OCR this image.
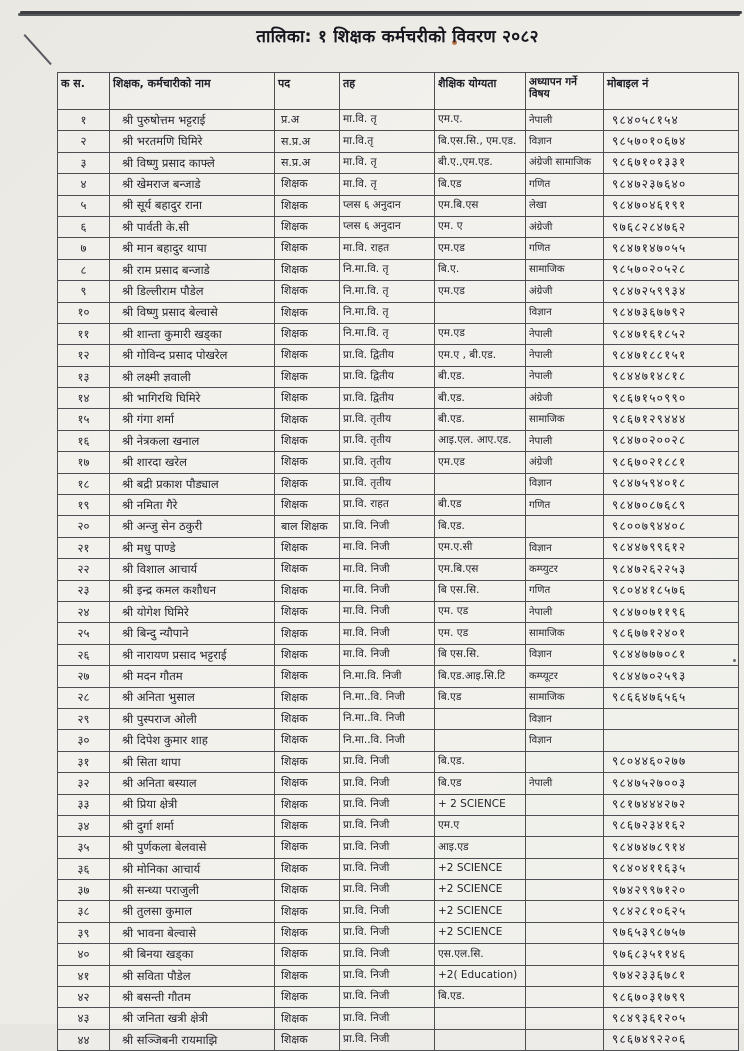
तालिका: १ शिक्षक कर्मचरीको विवरण २०८२
क स.	शिक्षक, कर्मचारीको नाम	पद	तह	शैक्षिक योग्यता	अध्यापन गर्ने विषय	मोबाइल नं
१	श्री पुरुषोत्तम भट्टराई	प्र.अ	मा.वि. तृ	एम.ए.	नेपाली	९८४०५८१५४
२	श्री भरतमणि घिमिरे	स.प्र.अ	मा.वि.तृ	बि.एस.सि., एम.एड.	विज्ञान	९८५७०१०६७४
३	श्री विष्णु प्रसाद काफ्ले	स.प्र.अ	मा.वि. तृ	बी.ए.,एम.एड.	अंग्रेजी सामाजिक	९८६७१०१३३१
४	श्री खेमराज बन्जाडे	शिक्षक	मा.वि. तृ	बि.एड	गणित	९८४७२३७६४०
५	श्री सूर्य बहादुर राना	शिक्षक	प्लस ६ अनुदान	एम.बि.एस	लेखा	९८४७०४६१९१
६	श्री पार्वती के.सी	शिक्षक	प्लस ६ अनुदान	एम. ए	अंग्रेजी	९७६८२८४७६२
७	श्री मान बहादुर थापा	शिक्षक	मा.वि. राहत	एम.एड	गणित	९८४७१४७०५५
८	श्री राम प्रसाद बन्जाडे	शिक्षक	नि.मा.वि. तृ	बि.ए.	सामाजिक	९८५७०२०५२८
९	श्री डिल्लीराम पौडेल	शिक्षक	नि.मा.वि. तृ	एम.एड	अंग्रेजी	९८४७२५९९३४
१०	श्री विष्णु प्रसाद बेल्वासे	शिक्षक	नि.मा.वि. तृ		विज्ञान	९८४७३६७७९२
११	श्री शान्ता कुमारी खड्का	शिक्षक	नि.मा.वि. तृ	एम.एड	नेपाली	९८४७१६१८५२
१२	श्री गोविन्द प्रसाद पोखरेल	शिक्षक	प्रा.वि. द्वितीय	एम.ए , बी.एड.	नेपाली	९८४७१८८१५१
१३	श्री लक्ष्मी ज्ञवाली	शिक्षक	प्रा.वि. द्वितीय	बी.एड.	नेपाली	९८४४७१४८१८
१४	श्री भागिरथि घिमिरे	शिक्षक	प्रा.वि. द्वितीय	बी.एड.	अंग्रेजी	९८६७१५०९९०
१५	श्री गंगा शर्मा	शिक्षक	प्रा.वि. तृतीय	बी.एड.	सामाजिक	९८६७१२९४४४
१६	श्री नेत्रकला खनाल	शिक्षक	प्रा.वि. तृतीय	आइ.एल. आए.एड.	नेपाली	९८४७०२००२८
१७	श्री शारदा खरेल	शिक्षक	प्रा.वि. तृतीय	एम.एड	अंग्रेजी	९८६७०२१८८१
१८	श्री बद्री प्रकाश पौड्याल	शिक्षक	प्रा.वि. तृतीय		विज्ञान	९८४७५९४०१८
१९	श्री नमिता गैरे	शिक्षक	प्रा.वि. राहत	बी.एड	गणित	९८४७०८७६८९
२०	श्री अन्जु सेन ठकुरी	बाल शिक्षक	प्रा.वि. निजी	बि.एड.		९८००७९४४०८
२१	श्री मधु पाण्डे	शिक्षक	मा.वि. निजी	एम.ए.सी	विज्ञान	९८४४७९९६१२
२२	श्री विशाल आचार्य	शिक्षक	मा.वि. निजी	एम.बि.एस	कम्प्युटर	९८४७२६२२५३
२३	श्री इन्द्र कमल कशौधन	शिक्षक	मा.वि. निजी	बि एस.सि.	गणित	९८०४४१८५७६
२४	श्री योगेश घिमिरे	शिक्षक	मा.वि. निजी	एम. एड	नेपाली	९८४७०७११९६
२५	श्री बिन्दु न्यौपाने	शिक्षक	मा.वि. निजी	एम. एड	सामाजिक	९८६७७१२४०१
२६	श्री नारायण प्रसाद भट्टराई	शिक्षक	मा.वि. निजी	बि एस.सि.	विज्ञान	९८४४७७७०८१
२७	श्री मदन गौतम	शिक्षक	नि.मा.वि. निजी	बि.एड.आइ.सि.टि	कम्प्यूटर	९८४४७०२५९३
२८	श्री अनिता भुसाल	शिक्षक	नि.मा..वि. निजी	बि.एड	सामाजिक	९८६६४७६५६५
२९	श्री पुस्पराज ओली	शिक्षक	नि.मा..वि. निजी		विज्ञान	
३०	श्री दिपेश कुमार शाह	शिक्षक	नि.मा..वि. निजी		विज्ञान	
३१	श्री सिता थापा	शिक्षक	प्रा.वि. निजी	बि.एड.		९८०४४६०२७७
३२	श्री अनिता बस्याल	शिक्षक	प्रा.वि. निजी	बि.एड	नेपाली	९८४७५२७००३
३३	श्री प्रिया क्षेत्री	शिक्षक	प्रा.वि. निजी	+ 2 SCIENCE		९८१७४४४२७२
३४	श्री दुर्गा शर्मा	शिक्षक	प्रा.वि. निजी	एम.ए		९८६७२३४१६२
३५	श्री पुर्णकला बेलवासे	शिक्षक	प्रा.वि. निजी	आइ.एड		९८४७४७८९१४
३६	श्री मोनिका आचार्य	शिक्षक	प्रा.वि. निजी	+2 SCIENCE		९८४०४११६३५
३७	श्री सन्ध्या पराजुली	शिक्षक	प्रा.वि. निजी	+2 SCIENCE		९७४२९९७१२०
३८	श्री तुलसा कुमाल	शिक्षक	प्रा.वि. निजी	+2 SCIENCE		९८४२८१०६२५
३९	श्री भावना बेल्वासे	शिक्षक	प्रा.वि. निजी	+2 SCIENCE		९७६५३९८७५७
४०	श्री बिनया खड्का	शिक्षक	प्रा.वि. निजी	एस.एल.सि.		९७६८३५११४६
४१	श्री सविता पौडेल	शिक्षक	प्रा.वि. निजी	+2( Education)		९७४२३३६७८१
४२	श्री बसन्ती गौतम	शिक्षक	प्रा.वि. निजी	बि.एड.		९८६७०३१७९९
४३	श्री जनिता खत्री क्षेत्री	शिक्षक	प्रा.वि. निजी			९८४९३६१२०५
४४	श्री सञ्जिबनी रायमाझि	शिक्षक	प्रा.वि. निजी			९८६७४९२२०६
